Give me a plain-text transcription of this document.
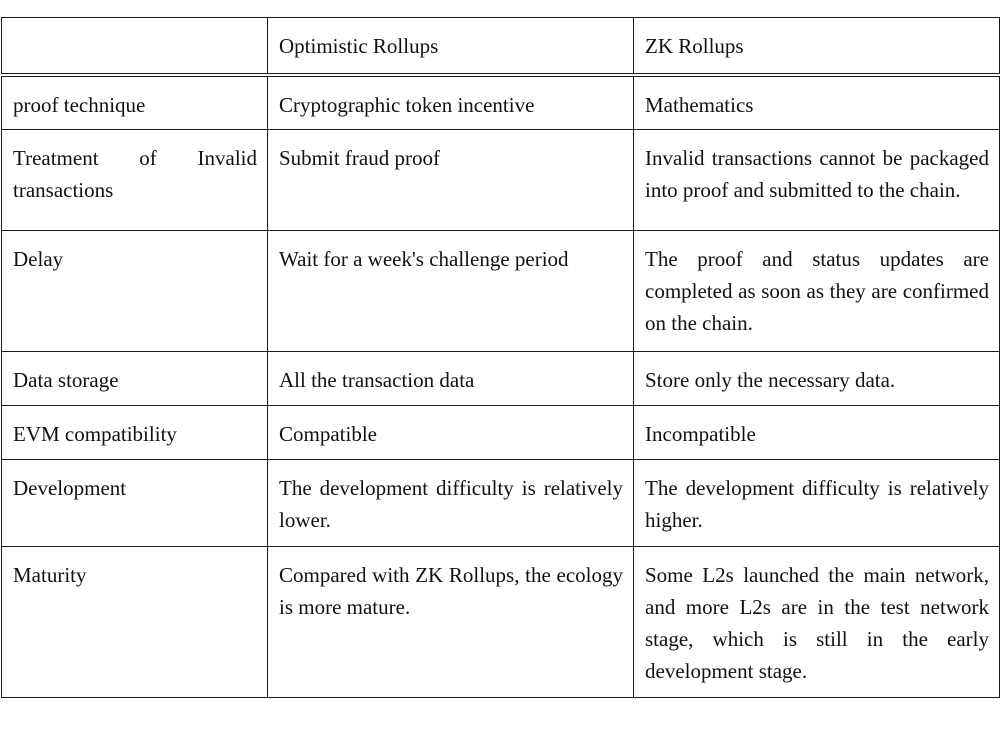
	Optimistic Rollups	ZK Rollups
proof technique	Cryptographic token incentive	Mathematics
Treatment of Invalid transactions	Submit fraud proof	Invalid transactions cannot be packaged into proof and submitted to the chain.
Delay	Wait for a week's challenge period	The proof and status updates are completed as soon as they are confirmed on the chain.
Data storage	All the transaction data	Store only the necessary data.
EVM compatibility	Compatible	Incompatible
Development	The development difficulty is relatively lower.	The development difficulty is relatively higher.
Maturity	Compared with ZK Rollups, the ecology is more mature.	Some L2s launched the main network, and more L2s are in the test network stage, which is still in the early development stage.
